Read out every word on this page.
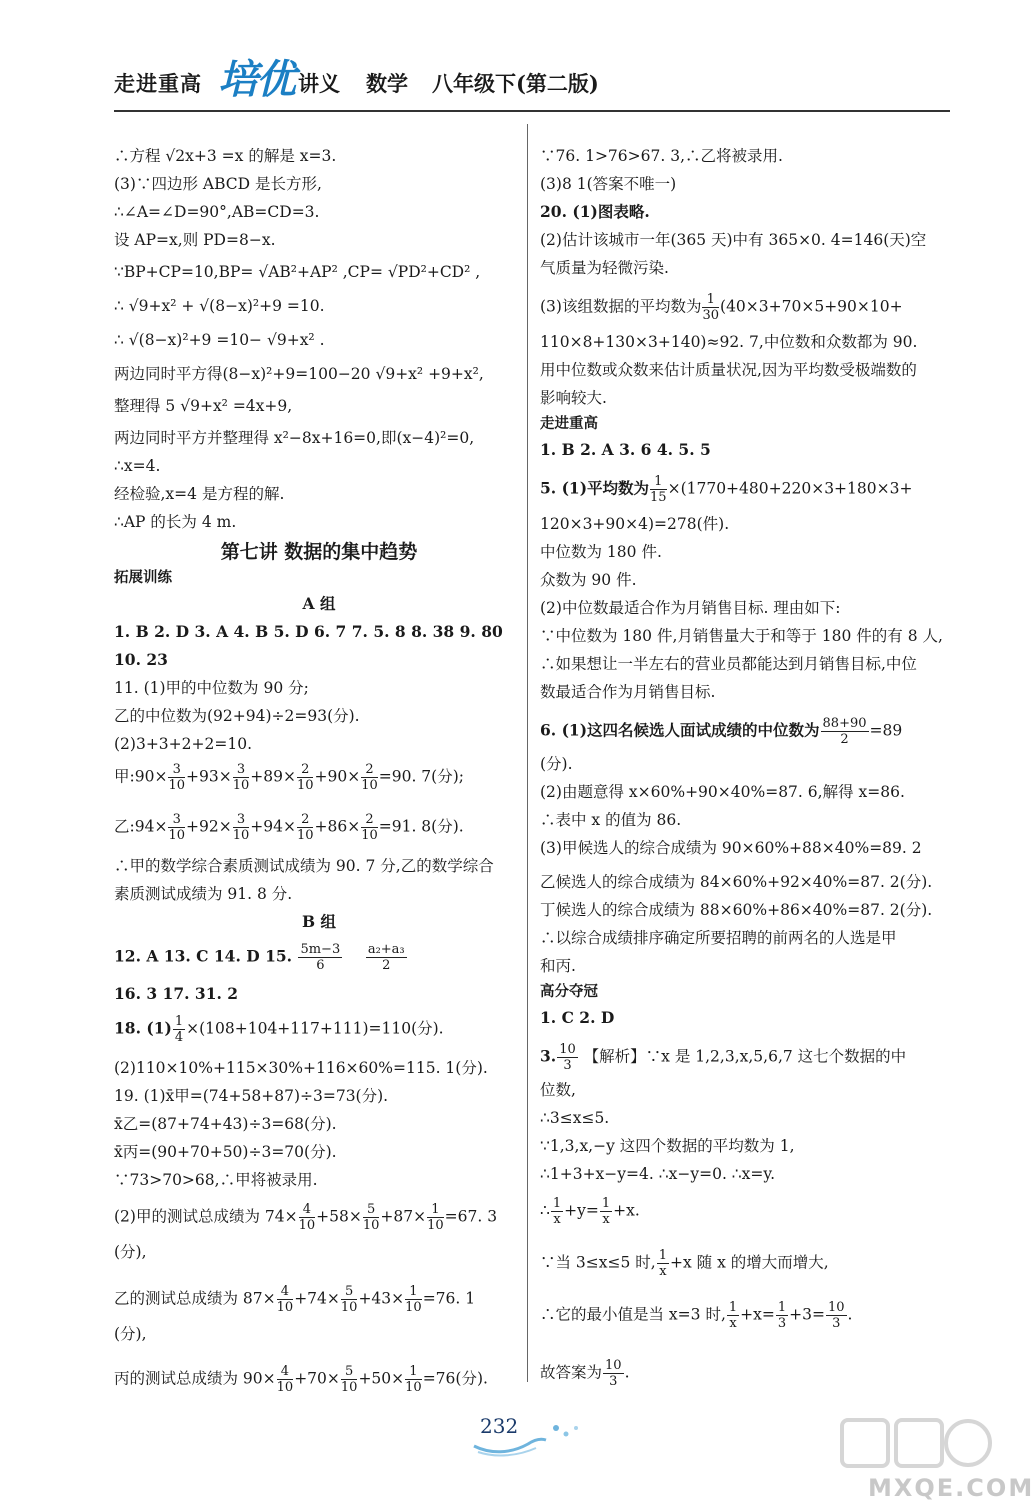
走进重高 培优 讲义 数学 八年级下(第二版)
∴方程 √2x+3 =x 的解是 x=3.
(3)∵四边形 ABCD 是长方形,
∴∠A=∠D=90°,AB=CD=3.
设 AP=x,则 PD=8−x.
∵BP+CP=10,BP= √AB²+AP² ,CP= √PD²+CD² ,
∴ √9+x² + √(8−x)²+9 =10.
∴ √(8−x)²+9 =10− √9+x² .
两边同时平方得(8−x)²+9=100−20 √9+x² +9+x²,
整理得 5 √9+x² =4x+9,
两边同时平方并整理得 x²−8x+16=0,即(x−4)²=0,
∴x=4.
经检验,x=4 是方程的解.
∴AP 的长为 4 m.
第七讲 数据的集中趋势
拓展训练
A 组
1. B 2. D 3. A 4. B 5. D 6. 7 7. 5. 8 8. 38 9. 80
10. 23
11. (1)甲的中位数为 90 分;
乙的中位数为(92+94)÷2=93(分).
(2)3+3+2+2=10.
甲:90× $\frac{3}{10} +93\times \frac{3}{10} +89\times \frac{2}{10} +90\times \frac{2}{10} =90$. 7(分);
乙:94× $\frac{3}{10} +92\times \frac{3}{10} +94\times \frac{2}{10} +86\times \frac{2}{10} =91$. 8(分).
∴甲的数学综合素质测试成绩为 90. 7 分,乙的数学综合
素质测试成绩为 91. 8 分.
B 组
12. A 13. C 14. D 15. $\frac{5m-3}{6}$
$\frac{\text{a₂+a₃}}{2}$
16. 3 17. 31. 2
18. $(1) \frac{1}{4} \times(108+104+117+111)=110$(分).
(2)110×10%+115×30%+116×60%=115. 1(分).
19. (1)x̄甲=(74+58+87)÷3=73(分).
x̄乙=(87+74+43)÷3=68(分).
x̄丙=(90+70+50)÷3=70(分).
∵73>70>68,∴甲将被录用.
(2)甲的测试总成绩为 $74\times \frac{4}{10} +58\times \frac{5}{10} +87\times \frac{1}{10} =67$. 3
(分),
乙的测试总成绩为 $87\times \frac{4}{10} +74\times \frac{5}{10} +43\times \frac{1}{10} =76$. 1
(分),
丙的测试总成绩为 $90\times \frac{4}{10} +70\times \frac{5}{10} +50\times \frac{1}{10} =76$(分).
∵76. 1>76>67. 3,∴乙将被录用.
(3)8 1(答案不唯一)
20. (1)图表略.
(2)估计该城市一年(365 天)中有 365×0. 4=146(天)空
气质量为轻微污染.
(3)该组数据的平均数为 $\frac{1}{30} (40\times 3+70\times 5+90\times 10+$
110×8+130×3+140)≈92. 7,中位数和众数都为 90.
用中位数或众数来估计质量状况,因为平均数受极端数的
影响较大.
走进重高
1. B 2. A 3. 6 4. 5. 5
5. (1)平均数为 $\frac{1}{15} \times(1770+480+220\times 3+180\times 3+$
120×3+90×4)=278(件).
中位数为 180 件.
众数为 90 件.
(2)中位数最适合作为月销售目标. 理由如下:
∵中位数为 180 件,月销售量大于和等于 180 件的有 8 人,
∴如果想让一半左右的营业员都能达到月销售目标,中位
数最适合作为月销售目标.
6. (1)这四名候选人面试成绩的中位数为 $\frac{88+90}{2} =89$
(分).
(2)由题意得 x×60%+90×40%=87. 6,解得 x=86.
∴表中 x 的值为 86.
(3)甲候选人的综合成绩为 90×60%+88×40%=89. 2
乙候选人的综合成绩为 84×60%+92×40%=87. 2(分).
丁候选人的综合成绩为 88×60%+86×40%=87. 2(分).
∴以综合成绩排序确定所要招聘的前两名的人选是甲
和丙.
高分夺冠
1. C 2. D
3. $\frac{10}{3}$ 【解析】∵x 是 1,2,3,x,5,6,7 这七个数据的中
位数,
∴3≤x≤5.
∵1,3,x,−y 这四个数据的平均数为 1,
∴1+3+x−y=4. ∴x−y=0. ∴x=y.
∴ $\frac{1}{x} +y= \frac{1}{x} +x$.
∵当 3≤x≤5 时, $\frac{1}{x} +x$ 随 x 的增大而增大,
∴它的最小值是当 x=3 时, $\frac{1}{x} +x= \frac{1}{3} +3= \frac{10}{3}$ .
故答案为 $\frac{10}{3}$ .
232
MXQE.COM
